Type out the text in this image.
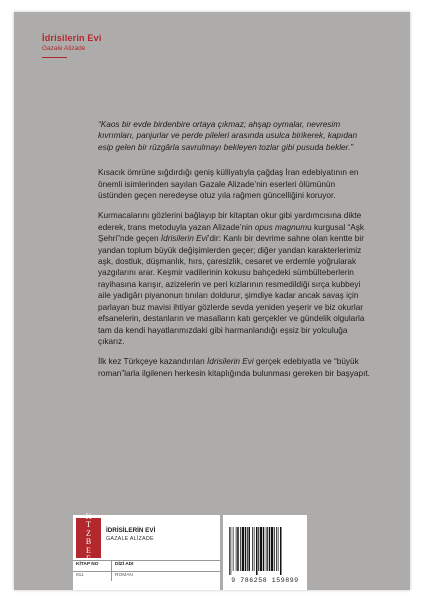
İdrisilerin Evi
Gazale Alizade

“Kaos bir evde birdenbire ortaya çıkmaz; ahşap oymalar, nevresim kıvrımları, panjurlar ve perde pileleri arasında usulca birikerek, kapıdan esip gelen bir rüzgârla savrulmayı bekleyen tozlar gibi pusuda bekler.”

Kısacık ömrüne sığdırdığı geniş külliyatıyla çağdaş İran edebiyatının en önemli isimlerinden sayılan Gazale Alizade’nin eserleri ölümünün üstünden geçen neredeyse otuz yıla rağmen güncelliğini koruyor.

Kurmacalarını gözlerini bağlayıp bir kitaptan okur gibi yardımcısına dikte ederek, trans metoduyla yazan Alizade’nin opus magnumu kurgusal “Aşk Şehri”nde geçen İdrisilerin Evi’dir: Kanlı bir devrime sahne olan kentte bir yandan toplum büyük değişimlerden geçer; diğer yandan karakterlerimiz aşk, dostluk, düşmanlık, hırs, çaresizlik, cesaret ve erdemle yoğrularak yazgılarını arar. Keşmir vadilerinin kokusu bahçedeki sümbülteberlerin rayihasına karışır, azizelerin ve peri kızlarının resmedildiği sırça kubbeyi aile yadigârı piyanonun tınıları doldurur, şimdiye kadar ancak savaş için parlayan buz mavisi ihtiyar gözlerde sevda yeniden yeşerir ve biz okurlar efsanelerin, destanların ve masalların katı gerçekler ve gündelik olgularla tam da kendi hayatlarımızdaki gibi harmanlandığı eşsiz bir yolculuğa çıkarız.

İlk kez Türkçeye kazandırılan İdrisilerin Evi gerçek edebiyatla ve “büyük roman”larla ilgilenen herkesin kitaplığında bulunması gereken bir başyapıt.

K
T
Z
B
E
E
İDRİSİLERİN EVİ
GAZALE ALİZADE
KİTAP NO	DİZİ ADI
811	ROMAN
9 786258 159899
